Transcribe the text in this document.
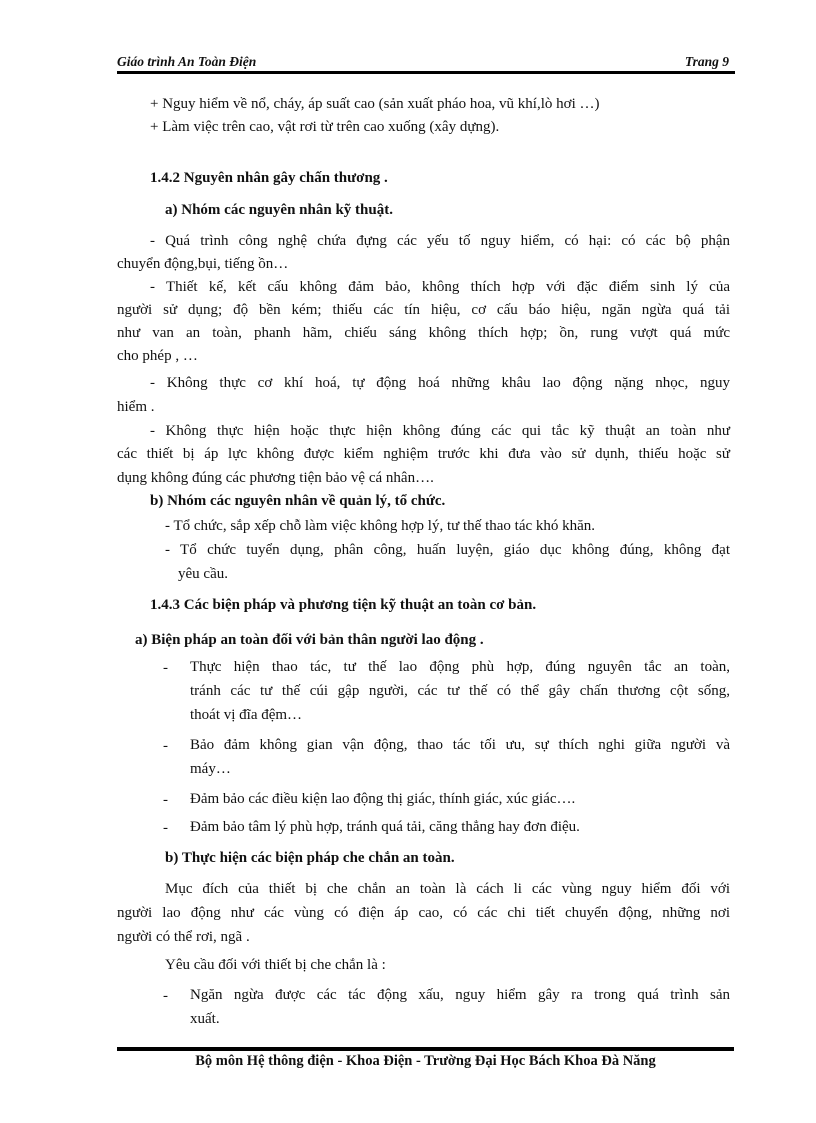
Giáo trình An Toàn Điện	Trang 9
+ Nguy hiểm về nổ, cháy, áp suất cao (sản xuất pháo hoa, vũ khí,lò hơi …)
+ Làm việc trên cao, vật rơi từ trên cao xuống (xây dựng).
1.4.2 Nguyên nhân gây chấn thương .
a) Nhóm các nguyên nhân kỹ thuật.
- Quá trình công nghệ chứa đựng các yếu tố nguy hiểm, có hại: có các bộ phận
chuyển động,bụi, tiếng ồn…
- Thiết kế, kết cấu không đảm bảo, không thích hợp với đặc điểm sinh lý của
người sử dụng; độ bền kém; thiếu các tín hiệu, cơ cấu báo hiệu, ngăn ngừa quá tải
như van an toàn, phanh hãm, chiếu sáng không thích hợp; ồn, rung vượt quá mức
cho phép , …
- Không thực cơ khí hoá, tự động hoá những khâu lao động nặng nhọc, nguy
hiểm .
- Không thực hiện hoặc thực hiện không đúng các qui tắc kỹ thuật an toàn như
các thiết bị áp lực không được kiểm nghiệm trước khi đưa vào sử dụnh, thiếu hoặc sử
dụng không đúng các phương tiện bảo vệ cá nhân….
b) Nhóm các nguyên nhân về quản lý, tổ chức.
- Tổ chức, sắp xếp chỗ làm việc không hợp lý, tư thế thao tác khó khăn.
- Tổ chức tuyển dụng, phân công, huấn luyện, giáo dục không đúng, không đạt
yêu cầu.
1.4.3 Các biện pháp và phương tiện kỹ thuật an toàn cơ bản.
a) Biện pháp an toàn đối với bản thân người lao động .
- Thực hiện thao tác, tư thế lao động phù hợp, đúng nguyên tắc an toàn,
tránh các tư thế cúi gập người, các tư thế có thể gây chấn thương cột sống,
thoát vị đĩa đệm…
- Bảo đảm không gian vận động, thao tác tối ưu, sự thích nghi giữa người và
máy…
- Đảm bảo các điều kiện lao động thị giác, thính giác, xúc giác….
- Đảm bảo tâm lý phù hợp, tránh quá tải, căng thẳng hay đơn điệu.
b) Thực hiện các biện pháp che chắn an toàn.
Mục đích của thiết bị che chắn an toàn là cách li các vùng nguy hiểm đối với
người lao động như các vùng có điện áp cao, có các chi tiết chuyển động, những nơi
người có thể rơi, ngã .
Yêu cầu đối với thiết bị che chắn là :
- Ngăn ngừa được các tác động xấu, nguy hiểm gây ra trong quá trình sản
xuất.
Bộ môn Hệ thông điện - Khoa Điện - Trường Đại Học Bách Khoa Đà Năng
